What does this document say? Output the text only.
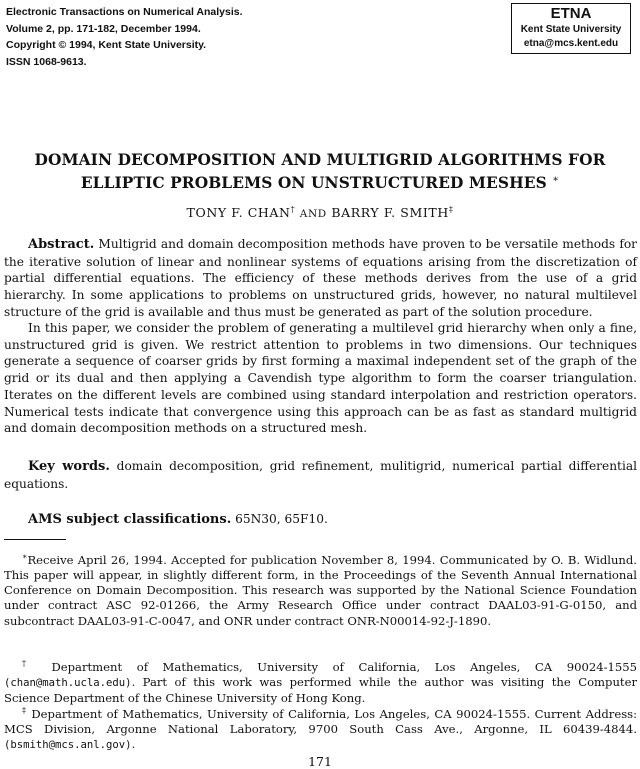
Electronic Transactions on Numerical Analysis.
Volume 2, pp. 171-182, December 1994.
Copyright © 1994, Kent State University.
ISSN 1068-9613.
ETNA
Kent State University
etna@mcs.kent.edu
DOMAIN DECOMPOSITION AND MULTIGRID ALGORITHMS FOR
ELLIPTIC PROBLEMS ON UNSTRUCTURED MESHES ∗
TONY F. CHAN† AND BARRY F. SMITH‡

Abstract. Multigrid and domain decomposition methods have proven to be versatile methods for the iterative solution of linear and nonlinear systems of equations arising from the discretization of partial differential equations. The efficiency of these methods derives from the use of a grid hierarchy. In some applications to problems on unstructured grids, however, no natural multilevel structure of the grid is available and thus must be generated as part of the solution procedure.

In this paper, we consider the problem of generating a multilevel grid hierarchy when only a fine, unstructured grid is given. We restrict attention to problems in two dimensions. Our techniques generate a sequence of coarser grids by first forming a maximal independent set of the graph of the grid or its dual and then applying a Cavendish type algorithm to form the coarser triangulation. Iterates on the different levels are combined using standard interpolation and restriction operators. Numerical tests indicate that convergence using this approach can be as fast as standard multigrid and domain decomposition methods on a structured mesh.

Key words. domain decomposition, grid refinement, mulitigrid, numerical partial differential equations.

AMS subject classifications. 65N30, 65F10.

∗Receive April 26, 1994. Accepted for publication November 8, 1994. Communicated by O. B. Widlund. This paper will appear, in slightly different form, in the Proceedings of the Seventh Annual International Conference on Domain Decomposition. This research was supported by the National Science Foundation under contract ASC 92-01266, the Army Research Office under contract DAAL03-91-G-0150, and subcontract DAAL03-91-C-0047, and ONR under contract ONR-N00014-92-J-1890.

† Department of Mathematics, University of California, Los Angeles, CA 90024-1555 (chan@math.ucla.edu). Part of this work was performed while the author was visiting the Computer Science Department of the Chinese University of Hong Kong.

‡ Department of Mathematics, University of California, Los Angeles, CA 90024-1555. Current Address: MCS Division, Argonne National Laboratory, 9700 South Cass Ave., Argonne, IL 60439-4844. (bsmith@mcs.anl.gov).

171
